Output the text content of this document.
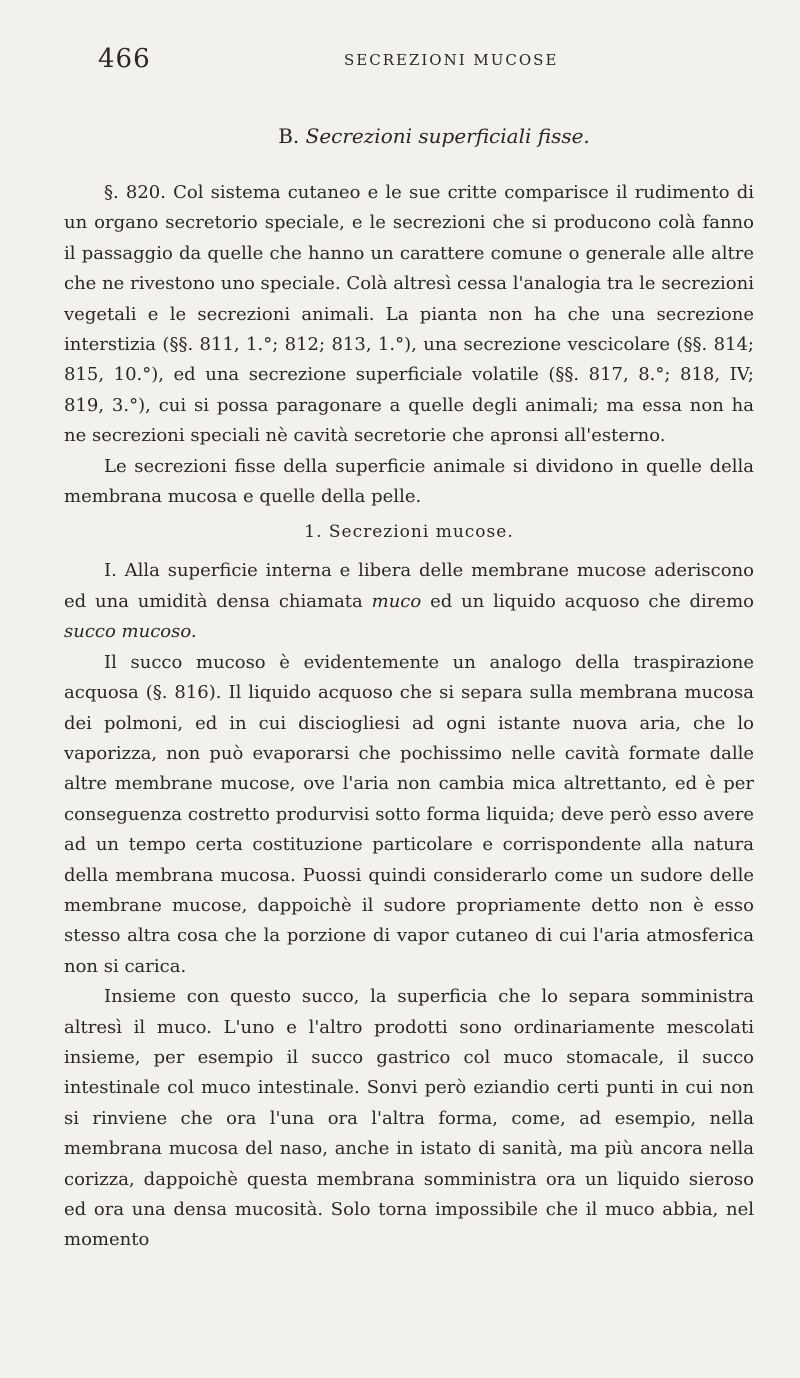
466	SECREZIONI MUCOSE
B. Secrezioni superficiali fisse.

§. 820. Col sistema cutaneo e le sue critte comparisce il rudimento di un organo secretorio speciale, e le secrezioni che si producono colà fanno il passaggio da quelle che hanno un carattere comune o generale alle altre che ne rivestono uno speciale. Colà altresì cessa l'analogia tra le secrezioni vegetali e le secrezioni animali. La pianta non ha che una secrezione interstizia (§§. 811, 1.°; 812; 813, 1.°), una secrezione vescicolare (§§. 814; 815, 10.°), ed una secrezione superficiale volatile (§§. 817, 8.°; 818, IV; 819, 3.°), cui si possa paragonare a quelle degli animali; ma essa non ha ne secrezioni speciali nè cavità secretorie che apronsi all'esterno.

Le secrezioni fisse della superficie animale si dividono in quelle della membrana mucosa e quelle della pelle.

1. Secrezioni mucose.

I. Alla superficie interna e libera delle membrane mucose aderiscono ed una umidità densa chiamata muco ed un liquido acquoso che diremo succo mucoso.

Il succo mucoso è evidentemente un analogo della traspirazione acquosa (§. 816). Il liquido acquoso che si separa sulla membrana mucosa dei polmoni, ed in cui disciogliesi ad ogni istante nuova aria, che lo vaporizza, non può evaporarsi che pochissimo nelle cavità formate dalle altre membrane mucose, ove l'aria non cambia mica altrettanto, ed è per conseguenza costretto produrvisi sotto forma liquida; deve però esso avere ad un tempo certa costituzione particolare e corrispondente alla natura della membrana mucosa. Puossi quindi considerarlo come un sudore delle membrane mucose, dappoichè il sudore propriamente detto non è esso stesso altra cosa che la porzione di vapor cutaneo di cui l'aria atmosferica non si carica.

Insieme con questo succo, la superficia che lo separa somministra altresì il muco. L'uno e l'altro prodotti sono ordinariamente mescolati insieme, per esempio il succo gastrico col muco stomacale, il succo intestinale col muco intestinale. Sonvi però eziandio certi punti in cui non si rinviene che ora l'una ora l'altra forma, come, ad esempio, nella membrana mucosa del naso, anche in istato di sanità, ma più ancora nella corizza, dappoichè questa membrana somministra ora un liquido sieroso ed ora una densa mucosità. Solo torna impossibile che il muco abbia, nel momento
